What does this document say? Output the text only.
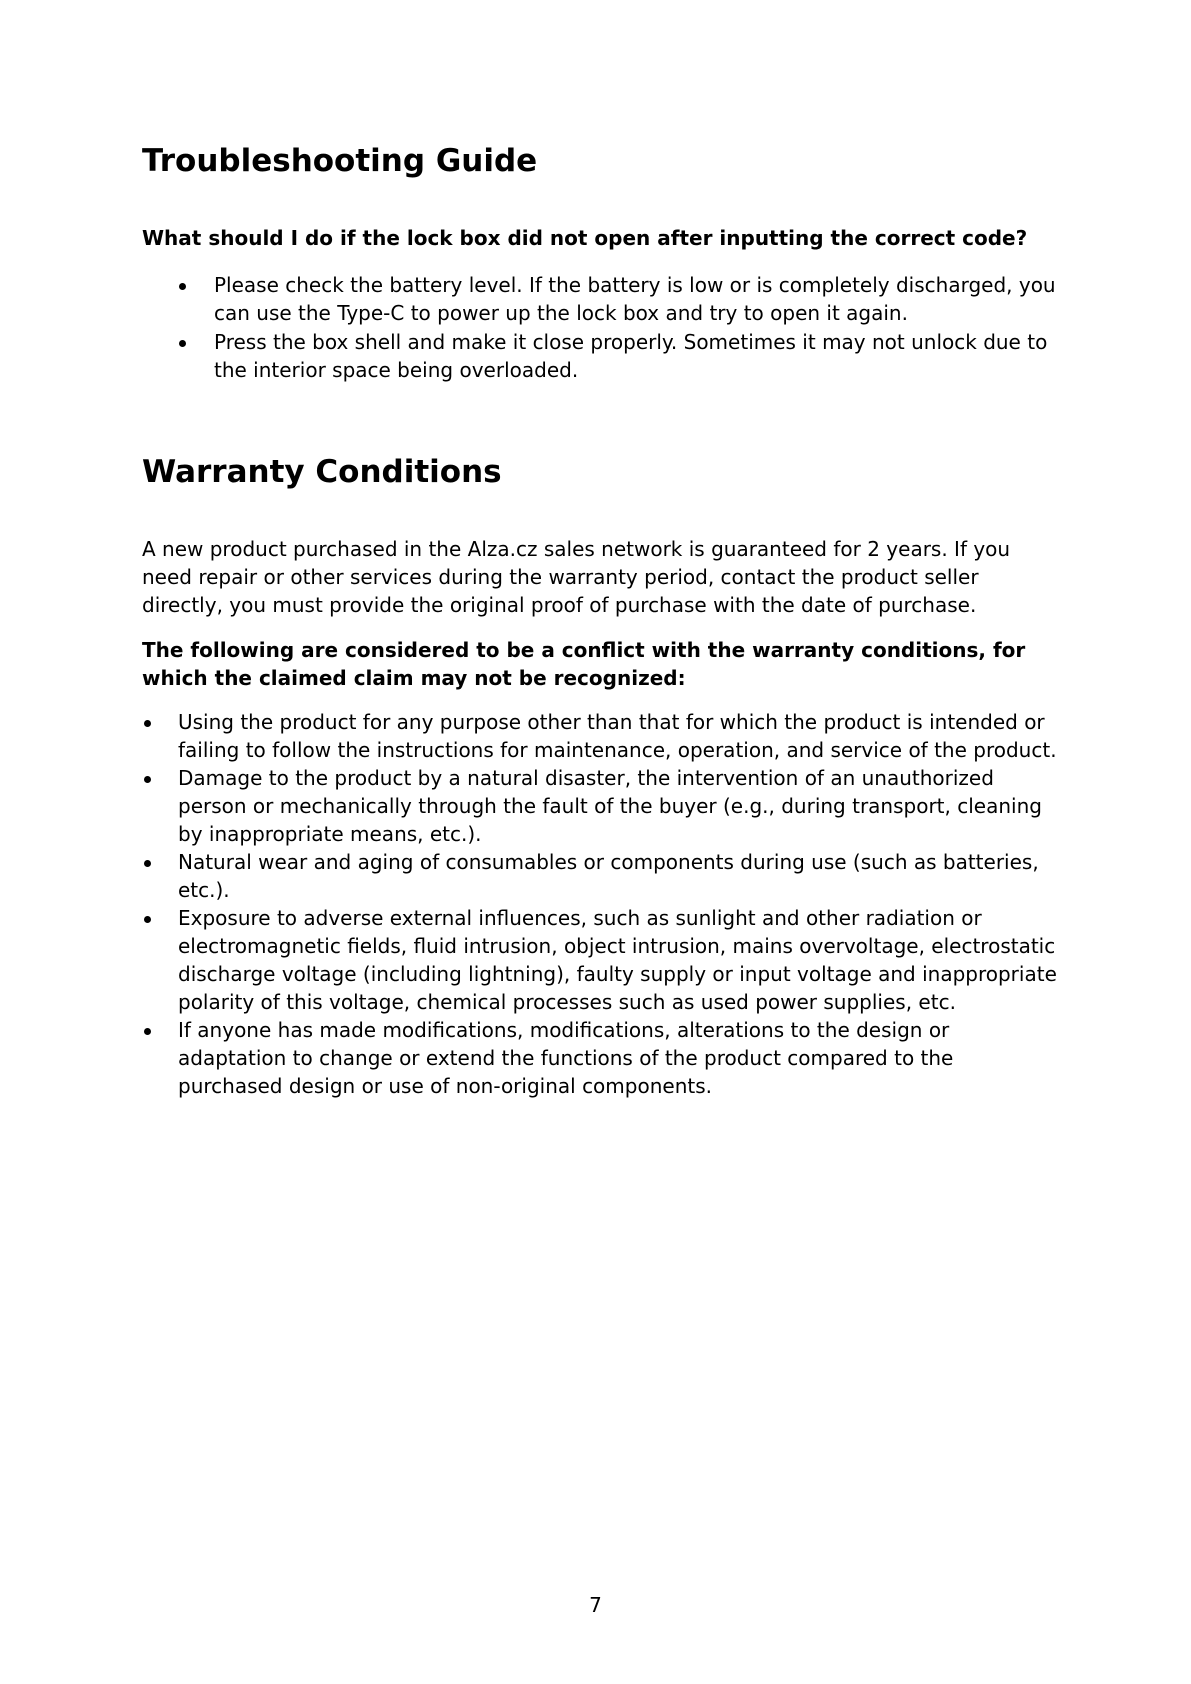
Troubleshooting Guide

What should I do if the lock box did not open after inputting the correct code?

Please check the battery level. If the battery is low or is completely discharged, you
can use the Type-C to power up the lock box and try to open it again.
Press the box shell and make it close properly. Sometimes it may not unlock due to
the interior space being overloaded.
Warranty Conditions
A new product purchased in the Alza.cz sales network is guaranteed for 2 years. If you
need repair or other services during the warranty period, contact the product seller
directly, you must provide the original proof of purchase with the date of purchase.
The following are considered to be a conflict with the warranty conditions, for
which the claimed claim may not be recognized:
Using the product for any purpose other than that for which the product is intended or
failing to follow the instructions for maintenance, operation, and service of the product.
Damage to the product by a natural disaster, the intervention of an unauthorized
person or mechanically through the fault of the buyer (e.g., during transport, cleaning
by inappropriate means, etc.).
Natural wear and aging of consumables or components during use (such as batteries,
etc.).
Exposure to adverse external influences, such as sunlight and other radiation or
electromagnetic fields, fluid intrusion, object intrusion, mains overvoltage, electrostatic
discharge voltage (including lightning), faulty supply or input voltage and inappropriate
polarity of this voltage, chemical processes such as used power supplies, etc.
If anyone has made modifications, modifications, alterations to the design or
adaptation to change or extend the functions of the product compared to the
purchased design or use of non-original components.
7
